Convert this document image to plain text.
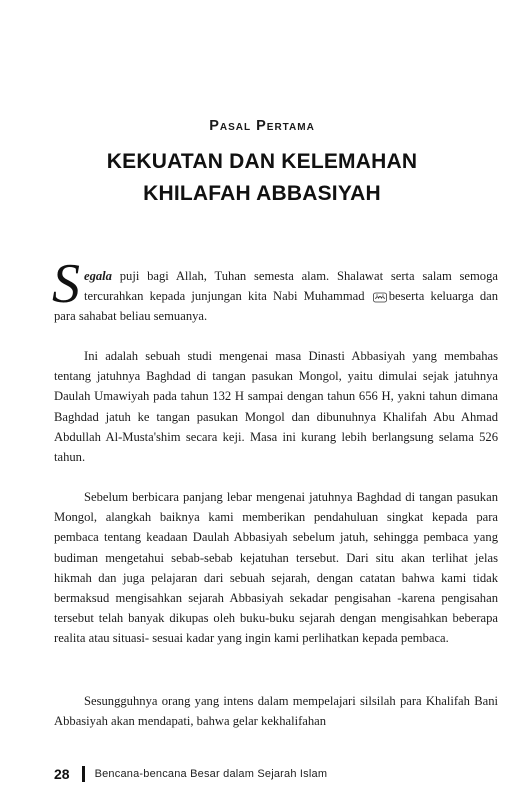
Pasal Pertama
KEKUATAN DAN KELEMAHAN
KHILAFAH ABBASIYAH
Segala puji bagi Allah, Tuhan semesta alam. Shalawat serta salam semoga tercurahkan kepada junjungan kita Nabi Muhammad beserta keluarga dan para sahabat beliau semuanya.
Ini adalah sebuah studi mengenai masa Dinasti Abbasiyah yang membahas tentang jatuhnya Baghdad di tangan pasukan Mongol, yaitu dimulai sejak jatuhnya Daulah Umawiyah pada tahun 132 H sampai dengan tahun 656 H, yakni tahun dimana Baghdad jatuh ke tangan pasukan Mongol dan dibunuhnya Khalifah Abu Ahmad Abdullah Al-Musta'shim secara keji. Masa ini kurang lebih berlangsung selama 526 tahun.
Sebelum berbicara panjang lebar mengenai jatuhnya Baghdad di tangan pasukan Mongol, alangkah baiknya kami memberikan pendahuluan singkat kepada para pembaca tentang keadaan Daulah Abbasiyah sebelum jatuh, sehingga pembaca yang budiman mengetahui sebab-sebab kejatuhan tersebut. Dari situ akan terlihat jelas hikmah dan juga pelajaran dari sebuah sejarah, dengan catatan bahwa kami tidak bermaksud mengisahkan sejarah Abbasiyah sekadar pengisahan -karena pengisahan tersebut telah banyak dikupas oleh buku-buku sejarah dengan mengisahkan beberapa realita atau situasi- sesuai kadar yang ingin kami perlihatkan kepada pembaca.
Sesungguhnya orang yang intens dalam mempelajari silsilah para Khalifah Bani Abbasiyah akan mendapati, bahwa gelar kekhalifahan
28 Bencana-bencana Besar dalam Sejarah Islam
